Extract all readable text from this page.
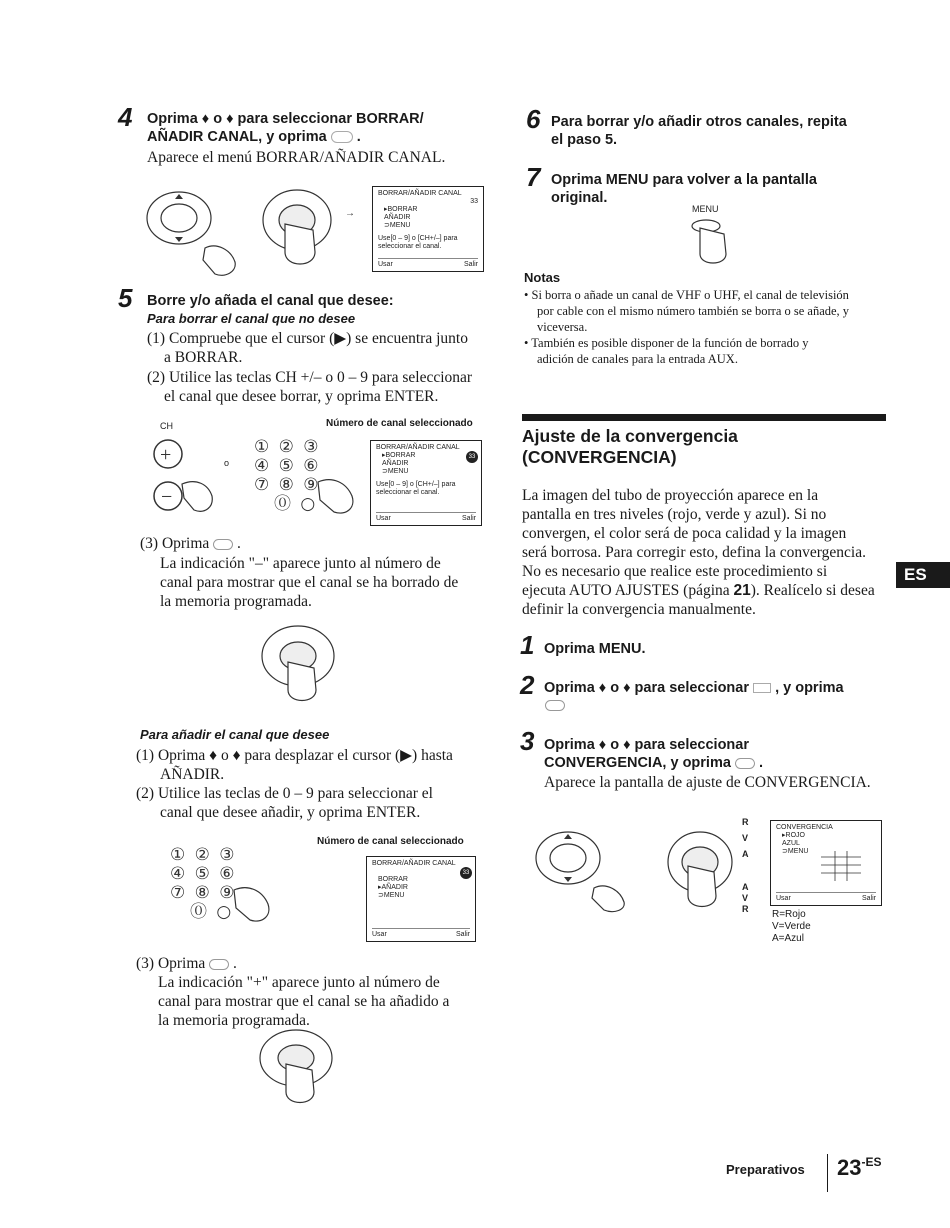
4 Oprima ♦ o ♦ para seleccionar BORRAR/
AÑADIR CANAL, y oprima  .
Aparece el menú BORRAR/AÑADIR CANAL.
→
BORRAR/AÑADIR CANAL
33
▸BORRAR
AÑADIR
⊃MENU
Use[0 – 9] o [CH+/–] para
seleccionar el canal.
Usar	Salir
5 Borre y/o añada el canal que desee:
Para borrar el canal que no desee
(1) Compruebe que el cursor (▶) se encuentra junto
a BORRAR.
(2) Utilice las teclas CH +/– o 0 – 9 para seleccionar
el canal que desee borrar, y oprima ENTER.
CH	Número de canal seleccionado
+
−
o
① ② ③
④ ⑤ ⑥
⑦ ⑧ ⑨
⓪ ○
BORRAR/AÑADIR CANAL
33
▸BORRAR
AÑADIR
⊃MENU
Use[0 – 9] o [CH+/–] para
seleccionar el canal.
Usar	Salir
(3) Oprima  .
La indicación "–" aparece junto al número de
canal para mostrar que el canal se ha borrado de
la memoria programada.
Para añadir el canal que desee
(1) Oprima ♦ o ♦ para desplazar el cursor (▶) hasta
AÑADIR.
(2) Utilice las teclas de 0 – 9 para seleccionar el
canal que desee añadir, y oprima ENTER.
Número de canal seleccionado
① ② ③
④ ⑤ ⑥
⑦ ⑧ ⑨
⓪ ○
BORRAR/AÑADIR CANAL
33
BORRAR
▸AÑADIR
⊃MENU
Usar	Salir
(3) Oprima  .
La indicación "+" aparece junto al número de
canal para mostrar que el canal se ha añadido a
la memoria programada.
6 Para borrar y/o añadir otros canales, repita
el paso 5.
7 Oprima MENU para volver a la pantalla
original.
MENU
Notas
• Si borra o añade un canal de VHF o UHF, el canal de televisión
por cable con el mismo número también se borra o se añade, y
viceversa.
• También es posible disponer de la función de borrado y
adición de canales para la entrada AUX.
Ajuste de la convergencia
(CONVERGENCIA)
La imagen del tubo de proyección aparece en la
pantalla en tres niveles (rojo, verde y azul). Si no
convergen, el color será de poca calidad y la imagen
será borrosa. Para corregir esto, defina la convergencia.
No es necesario que realice este procedimiento si
ejecuta AUTO AJUSTES (página 21). Realícelo si desea
definir la convergencia manualmente.
ES
1 Oprima MENU.
2 Oprima ♦ o ♦ para seleccionar , y oprima
3 Oprima ♦ o ♦ para seleccionar
CONVERGENCIA, y oprima  .
Aparece la pantalla de ajuste de CONVERGENCIA.
R
V
A
A
V
R
CONVERGENCIA
▸ROJO
AZUL
⊃MENU
Usar	Salir
R=Rojo
V=Verde
A=Azul
Preparativos $23^{-ES}$
